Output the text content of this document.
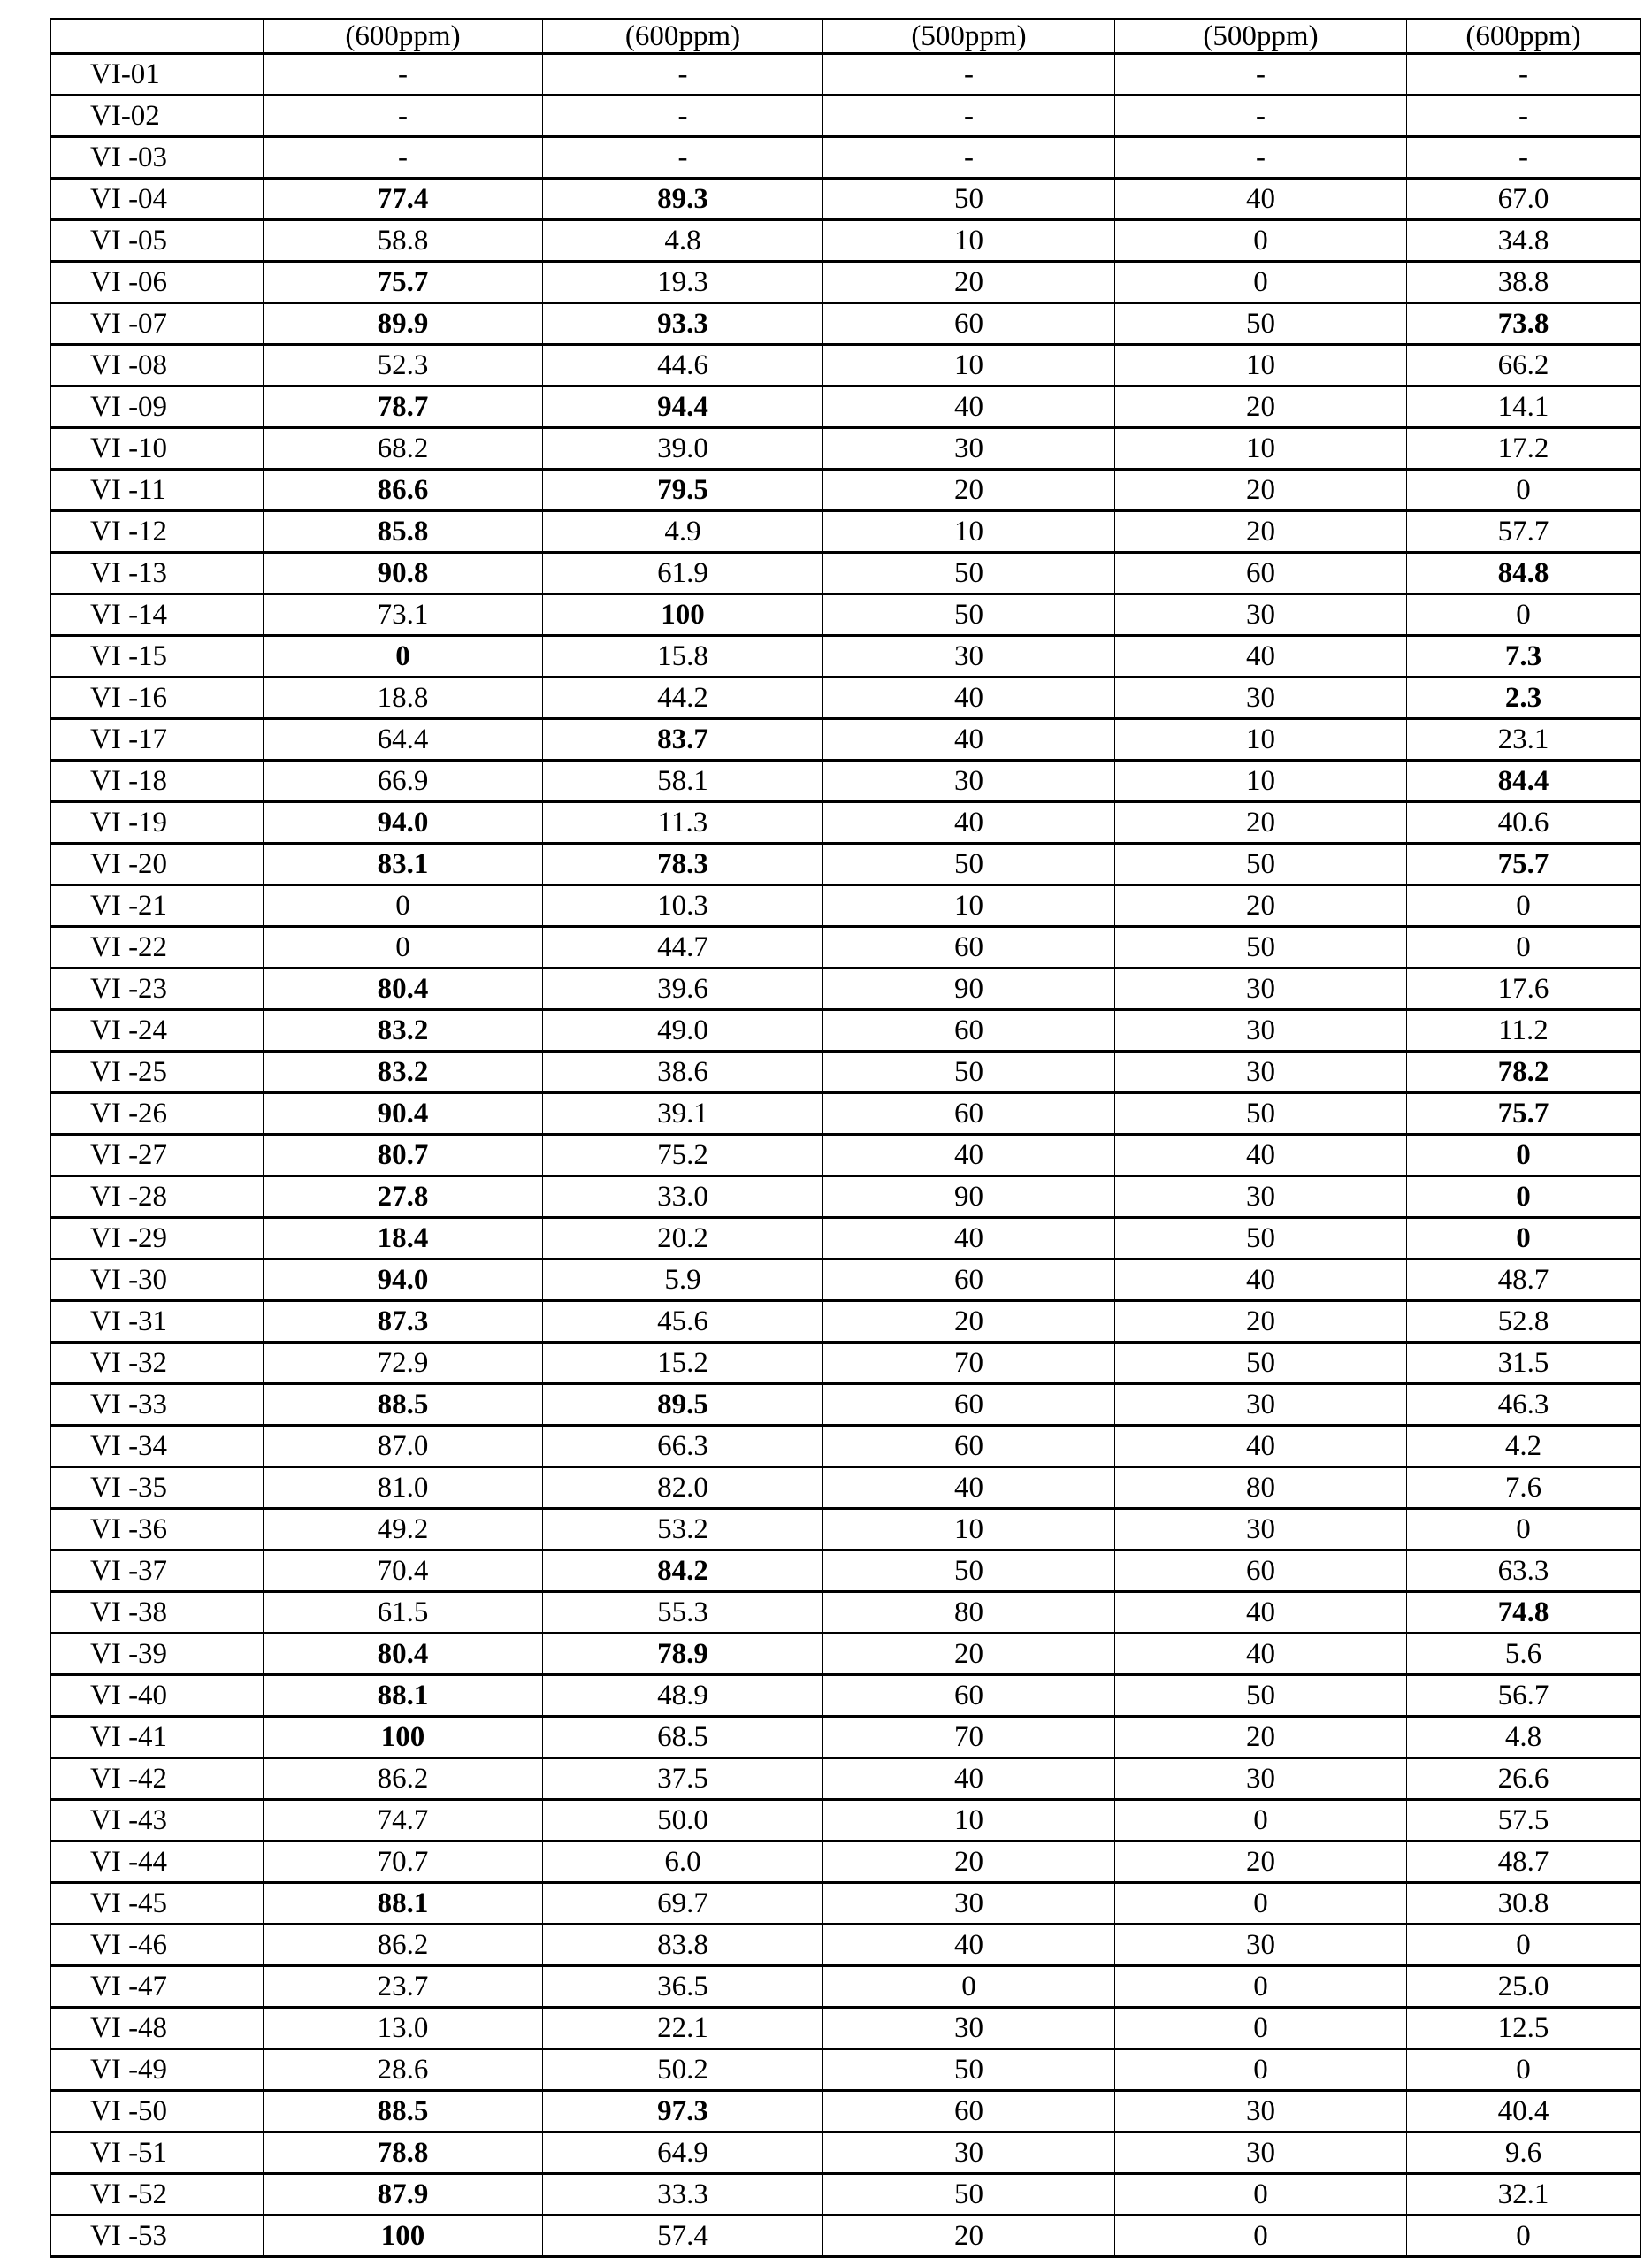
	(600ppm)	(600ppm)	(500ppm)	(500ppm)	(600ppm)
VI-01	-	-	-	-	-
VI-02	-	-	-	-	-
VI -03	-	-	-	-	-
VI -04	77.4	89.3	50	40	67.0
VI -05	58.8	4.8	10	0	34.8
VI -06	75.7	19.3	20	0	38.8
VI -07	89.9	93.3	60	50	73.8
VI -08	52.3	44.6	10	10	66.2
VI -09	78.7	94.4	40	20	14.1
VI -10	68.2	39.0	30	10	17.2
VI -11	86.6	79.5	20	20	0
VI -12	85.8	4.9	10	20	57.7
VI -13	90.8	61.9	50	60	84.8
VI -14	73.1	100	50	30	0
VI -15	0	15.8	30	40	7.3
VI -16	18.8	44.2	40	30	2.3
VI -17	64.4	83.7	40	10	23.1
VI -18	66.9	58.1	30	10	84.4
VI -19	94.0	11.3	40	20	40.6
VI -20	83.1	78.3	50	50	75.7
VI -21	0	10.3	10	20	0
VI -22	0	44.7	60	50	0
VI -23	80.4	39.6	90	30	17.6
VI -24	83.2	49.0	60	30	11.2
VI -25	83.2	38.6	50	30	78.2
VI -26	90.4	39.1	60	50	75.7
VI -27	80.7	75.2	40	40	0
VI -28	27.8	33.0	90	30	0
VI -29	18.4	20.2	40	50	0
VI -30	94.0	5.9	60	40	48.7
VI -31	87.3	45.6	20	20	52.8
VI -32	72.9	15.2	70	50	31.5
VI -33	88.5	89.5	60	30	46.3
VI -34	87.0	66.3	60	40	4.2
VI -35	81.0	82.0	40	80	7.6
VI -36	49.2	53.2	10	30	0
VI -37	70.4	84.2	50	60	63.3
VI -38	61.5	55.3	80	40	74.8
VI -39	80.4	78.9	20	40	5.6
VI -40	88.1	48.9	60	50	56.7
VI -41	100	68.5	70	20	4.8
VI -42	86.2	37.5	40	30	26.6
VI -43	74.7	50.0	10	0	57.5
VI -44	70.7	6.0	20	20	48.7
VI -45	88.1	69.7	30	0	30.8
VI -46	86.2	83.8	40	30	0
VI -47	23.7	36.5	0	0	25.0
VI -48	13.0	22.1	30	0	12.5
VI -49	28.6	50.2	50	0	0
VI -50	88.5	97.3	60	30	40.4
VI -51	78.8	64.9	30	30	9.6
VI -52	87.9	33.3	50	0	32.1
VI -53	100	57.4	20	0	0
